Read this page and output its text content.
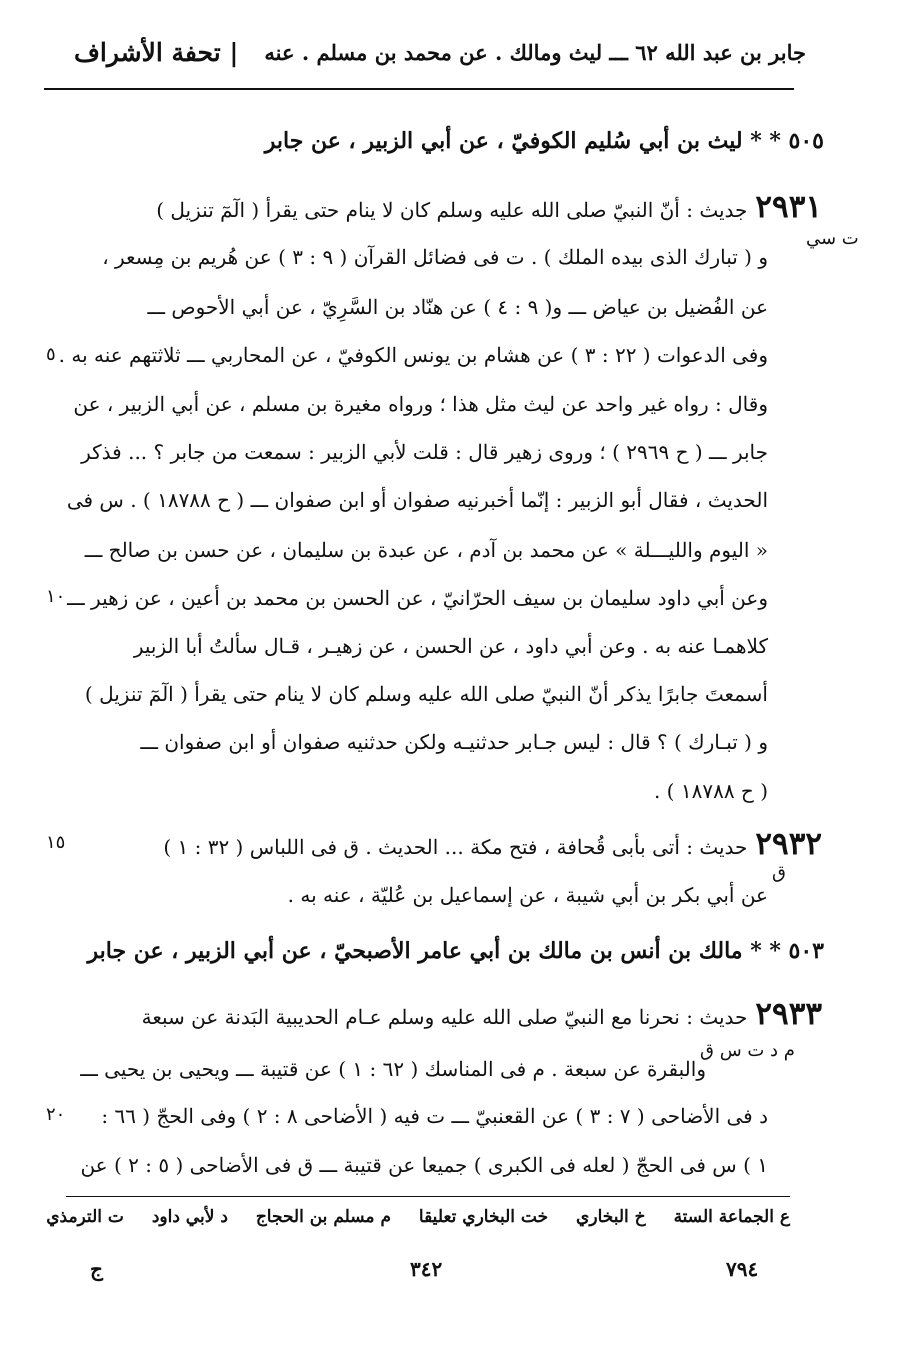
| تحفة الأشراف جابر بن عبد الله ٦٢ ـــ ليث ومالك . عن محمد بن مسلم . عنه
٥٠٥ * * ليث بن أبي سُليم الكوفيّ ، عن أبي الزبير ، عن جابر
٢٩٣١جديث : أنّ النبيّ صلى الله عليه وسلم كان لا ينام حتى يقرأ ( الٓمٓ تنزيل )
ت سي
و ( تبارك الذى بيده الملك ) . ت فى فضائل القرآن ( ٩ : ٣ ) عن هُريم بن مِسعر ،
عن الفُضيل بن عياض ـــ و( ٩ : ٤ ) عن هنّاد بن السَّرِيّ ، عن أبي الأحوص ـــ
وفى الدعوات ( ٢٢ : ٣ ) عن هشام بن يونس الكوفيّ ، عن المحاربي ـــ ثلاثتهم عنه به .
٥
وقال : رواه غير واحد عن ليث مثل هذا ؛ ورواه مغيرة بن مسلم ، عن أبي الزبير ، عن
جابر ـــ ( ح ٢٩٦٩ ) ؛ وروى زهير قال : قلت لأبي الزبير : سمعت من جابر ؟ ... فذكر
الحديث ، فقال أبو الزبير : إنّما أخبرنيه صفوان أو ابن صفوان ـــ ( ح ١٨٧٨٨ ) . س فى
« اليوم والليـــلة » عن محمد بن آدم ، عن عبدة بن سليمان ، عن حسن بن صالح ـــ
وعن أبي داود سليمان بن سيف الحرّانيّ ، عن الحسن بن محمد بن أعين ، عن زهير ـــ
١٠
كلاهمـا عنه به . وعن أبي داود ، عن الحسن ، عن زهيـر ، قـال سألتُ أبا الزبير
أسمعتَ جابرًا يذكر أنّ النبيّ صلى الله عليه وسلم كان لا ينام حتى يقرأ ( الٓمٓ تنزيل )
و ( تبـارك ) ؟ قال : ليس جـابر حدثنيـه ولكن حدثنيه صفوان أو ابن صفوان ـــ
( ح ١٨٧٨٨ ) .
٢٩٣٢حديث : أتى بأبى قُحافة ، فتح مكة ... الحديث . ق فى اللباس ( ٣٢ : ١ )
١٥
ق
عن أبي بكر بن أبي شيبة ، عن إسماعيل بن عُليّة ، عنه به .
٥٠٣ * * مالك بن أنس بن مالك بن أبي عامر الأصبحيّ ، عن أبي الزبير ، عن جابر
٢٩٣٣حديث : نحرنا مع النبيّ صلى الله عليه وسلم عـام الحديبية البَدنة عن سبعة
م د ت س ق
والبقرة عن سبعة . م فى المناسك ( ٦٢ : ١ ) عن قتيبة ـــ ويحيى بن يحيى ـــ
د فى الأضاحى ( ٧ : ٣ ) عن القعنبيّ ـــ ت فيه ( الأضاحى ٨ : ٢ ) وفى الحجّ ( ٦٦ :
٢٠
١ ) س فى الحجّ ( لعله فى الكبرى ) جميعا عن قتيبة ـــ ق فى الأضاحى ( ٥ : ٢ ) عن
ع الجماعة الستة خ البخاري خت البخاري تعليقا م مسلم بن الحجاج د لأبي داود ت الترمذي
٧٩٤
٣٤٢
ج
